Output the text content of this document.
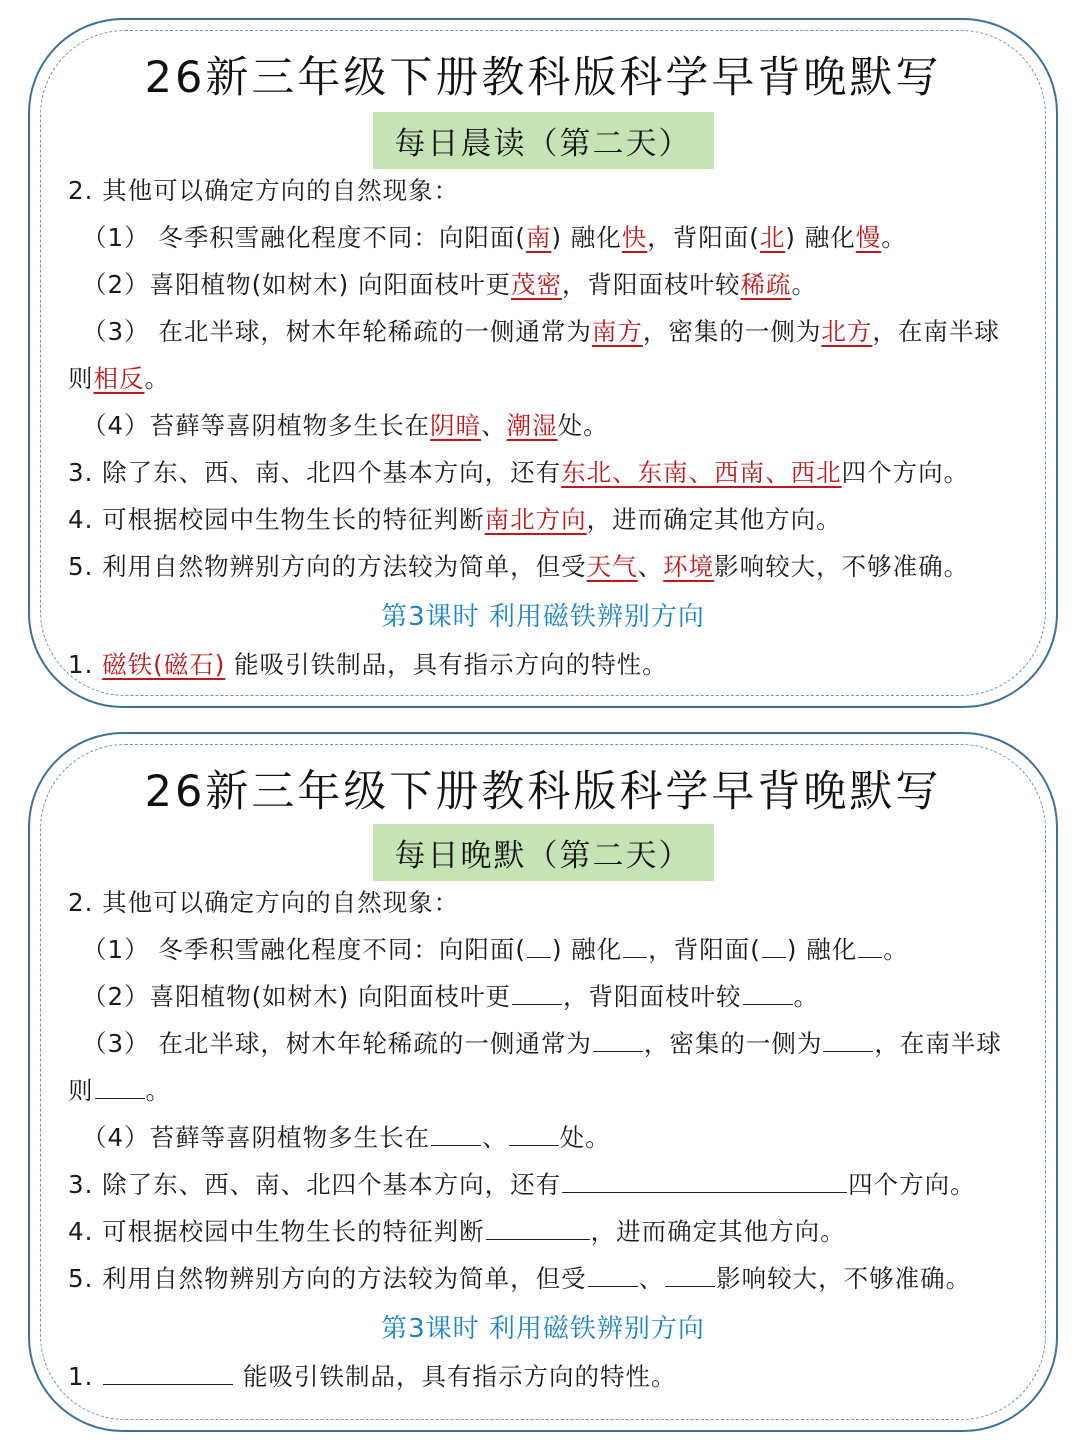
26新三年级下册教科版科学早背晚默写
每日晨读（第二天）
2. 其他可以确定方向的自然现象：
（1） 冬季积雪融化程度不同：向阳面(南) 融化快，背阳面(北) 融化慢。
（2）喜阳植物(如树木) 向阳面枝叶更茂密，背阳面枝叶较稀疏。
（3） 在北半球，树木年轮稀疏的一侧通常为南方，密集的一侧为北方，在南半球
则相反。
（4）苔藓等喜阴植物多生长在阴暗、潮湿处。
3. 除了东、西、南、北四个基本方向，还有东北、东南、西南、西北四个方向。
4. 可根据校园中生物生长的特征判断南北方向，进而确定其他方向。
5. 利用自然物辨别方向的方法较为简单，但受天气、环境影响较大，不够准确。
第3课时 利用磁铁辨别方向
1. 磁铁(磁石) 能吸引铁制品，具有指示方向的特性。
26新三年级下册教科版科学早背晚默写
每日晚默（第二天）
2. 其他可以确定方向的自然现象：
（1） 冬季积雪融化程度不同：向阳面( ) 融化 ，背阳面( ) 融化 。
（2）喜阳植物(如树木) 向阳面枝叶更 ，背阳面枝叶较 。
（3） 在北半球，树木年轮稀疏的一侧通常为 ，密集的一侧为 ，在南半球
则 。
（4）苔藓等喜阴植物多生长在 、 处。
3. 除了东、西、南、北四个基本方向，还有	四个方向。
4. 可根据校园中生物生长的特征判断	，进而确定其他方向。
5. 利用自然物辨别方向的方法较为简单，但受 、 影响较大，不够准确。
第3课时 利用磁铁辨别方向
1.	能吸引铁制品，具有指示方向的特性。
